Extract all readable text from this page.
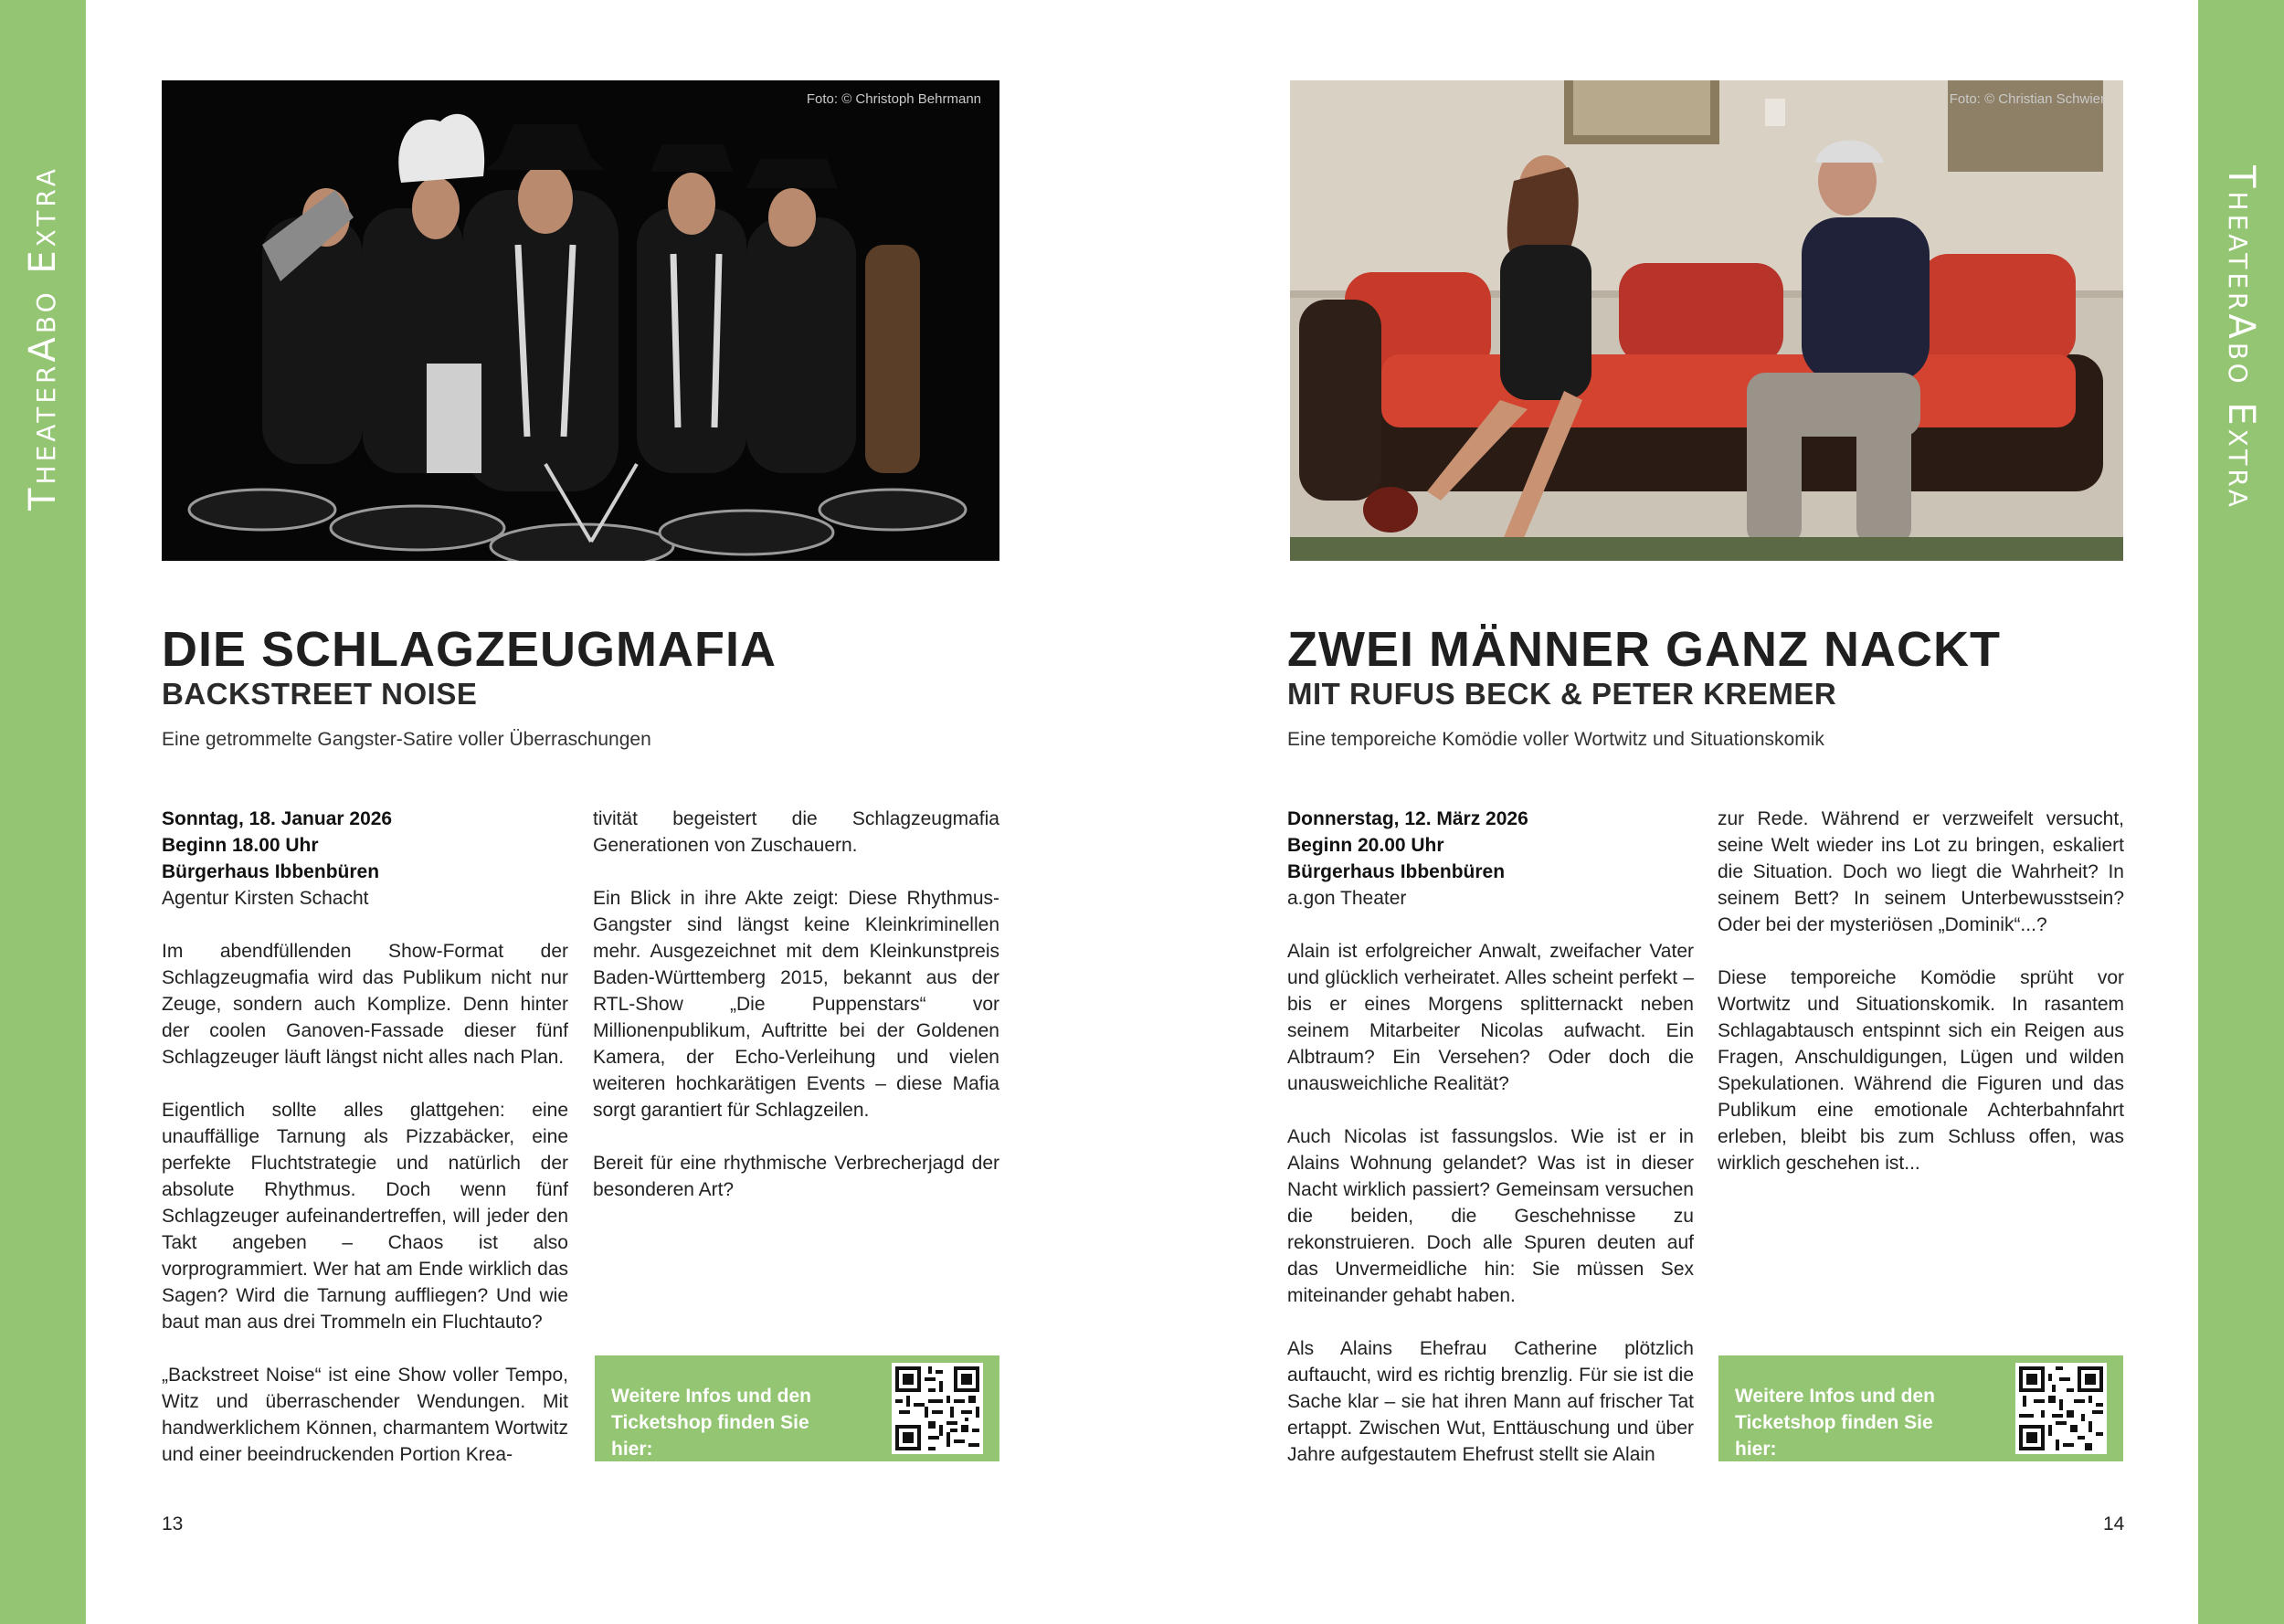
TheaterAbo Extra	TheaterAbo Extra
Foto: © Christoph Behrmann
DIE SCHLAGZEUGMAFIA
BACKSTREET NOISE

Eine getrommelte Gangster-Satire voller Überraschungen

Sonntag, 18. Januar 2026
Beginn 18.00 Uhr
Bürgerhaus Ibbenbüren
Agentur Kirsten Schacht

Im abendfüllenden Show-Format der Schlagzeugmafia wird das Publikum nicht nur Zeuge, sondern auch Komplize. Denn hinter der coolen Ganoven-Fassade dieser fünf Schlagzeuger läuft längst nicht alles nach Plan.

Eigentlich sollte alles glattgehen: eine unauffällige Tarnung als Pizzabäcker, eine perfekte Fluchtstrategie und natürlich der absolute Rhythmus. Doch wenn fünf Schlagzeuger aufeinandertreffen, will jeder den Takt angeben – Chaos ist also vorprogrammiert. Wer hat am Ende wirklich das Sagen? Wird die Tarnung auffliegen? Und wie baut man aus drei Trommeln ein Fluchtauto?

„Backstreet Noise“ ist eine Show voller Tempo, Witz und überraschender Wendungen. Mit handwerklichem Können, charmantem Wortwitz und einer beeindruckenden Portion Krea-

tivität begeistert die Schlagzeugmafia Generationen von Zuschauern.

Ein Blick in ihre Akte zeigt: Diese Rhythmus-Gangster sind längst keine Kleinkriminellen mehr. Ausgezeichnet mit dem Kleinkunstpreis Baden-Württemberg 2015, bekannt aus der RTL-Show „Die Puppenstars“ vor Millionenpublikum, Auftritte bei der Goldenen Kamera, der Echo-Verleihung und vielen weiteren hochkarätigen Events – diese Mafia sorgt garantiert für Schlagzeilen.

Bereit für eine rhythmische Verbrecherjagd der besonderen Art?

Weitere Infos und den Ticketshop finden Sie hier:
13
Foto: © Christian Schwier
ZWEI MÄNNER GANZ NACKT
MIT RUFUS BECK & PETER KREMER

Eine temporeiche Komödie voller Wortwitz und Situationskomik

Donnerstag, 12. März 2026
Beginn 20.00 Uhr
Bürgerhaus Ibbenbüren
a.gon Theater

Alain ist erfolgreicher Anwalt, zweifacher Vater und glücklich verheiratet. Alles scheint perfekt – bis er eines Morgens splitternackt neben seinem Mitarbeiter Nicolas aufwacht. Ein Albtraum? Ein Versehen? Oder doch die unausweichliche Realität?

Auch Nicolas ist fassungslos. Wie ist er in Alains Wohnung gelandet? Was ist in dieser Nacht wirklich passiert? Gemeinsam versuchen die beiden, die Geschehnisse zu rekonstruieren. Doch alle Spuren deuten auf das Unvermeidliche hin: Sie müssen Sex miteinander gehabt haben.

Als Alains Ehefrau Catherine plötzlich auftaucht, wird es richtig brenzlig. Für sie ist die Sache klar – sie hat ihren Mann auf frischer Tat ertappt. Zwischen Wut, Enttäuschung und über Jahre aufgestautem Ehefrust stellt sie Alain

zur Rede. Während er verzweifelt versucht, seine Welt wieder ins Lot zu bringen, eskaliert die Situation. Doch wo liegt die Wahrheit? In seinem Bett? In seinem Unterbewusstsein? Oder bei der mysteriösen „Dominik“...?

Diese temporeiche Komödie sprüht vor Wortwitz und Situationskomik. In rasantem Schlagabtausch entspinnt sich ein Reigen aus Fragen, Anschuldigungen, Lügen und wilden Spekulationen. Während die Figuren und das Publikum eine emotionale Achterbahnfahrt erleben, bleibt bis zum Schluss offen, was wirklich geschehen ist...

Weitere Infos und den Ticketshop finden Sie hier:
14
